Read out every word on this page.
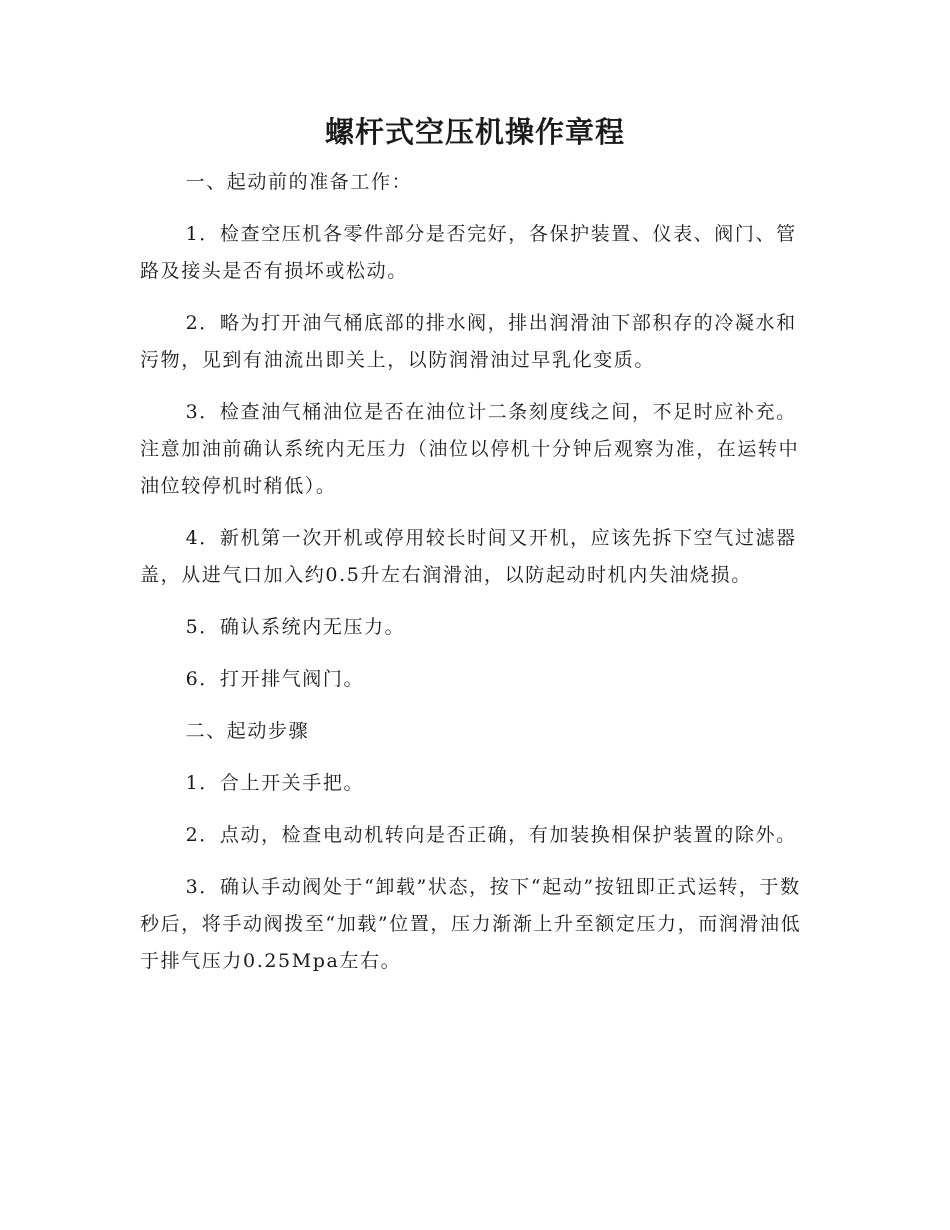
螺杆式空压机操作章程

一、起动前的准备工作：

1．检查空压机各零件部分是否完好，各保护装置、仪表、阀门、管路及接头是否有损坏或松动。

2．略为打开油气桶底部的排水阀，排出润滑油下部积存的冷凝水和污物，见到有油流出即关上，以防润滑油过早乳化变质。

3．检查油气桶油位是否在油位计二条刻度线之间，不足时应补充。注意加油前确认系统内无压力（油位以停机十分钟后观察为准，在运转中油位较停机时稍低）。

4．新机第一次开机或停用较长时间又开机，应该先拆下空气过滤器盖，从进气口加入约0.5升左右润滑油，以防起动时机内失油烧损。

5．确认系统内无压力。

6．打开排气阀门。

二、起动步骤

1．合上开关手把。

2．点动，检查电动机转向是否正确，有加装换相保护装置的除外。

3．确认手动阀处于“卸载”状态，按下“起动”按钮即正式运转，于数秒后，将手动阀拨至“加载”位置，压力渐渐上升至额定压力，而润滑油低于排气压力0.25Mpa左右。
